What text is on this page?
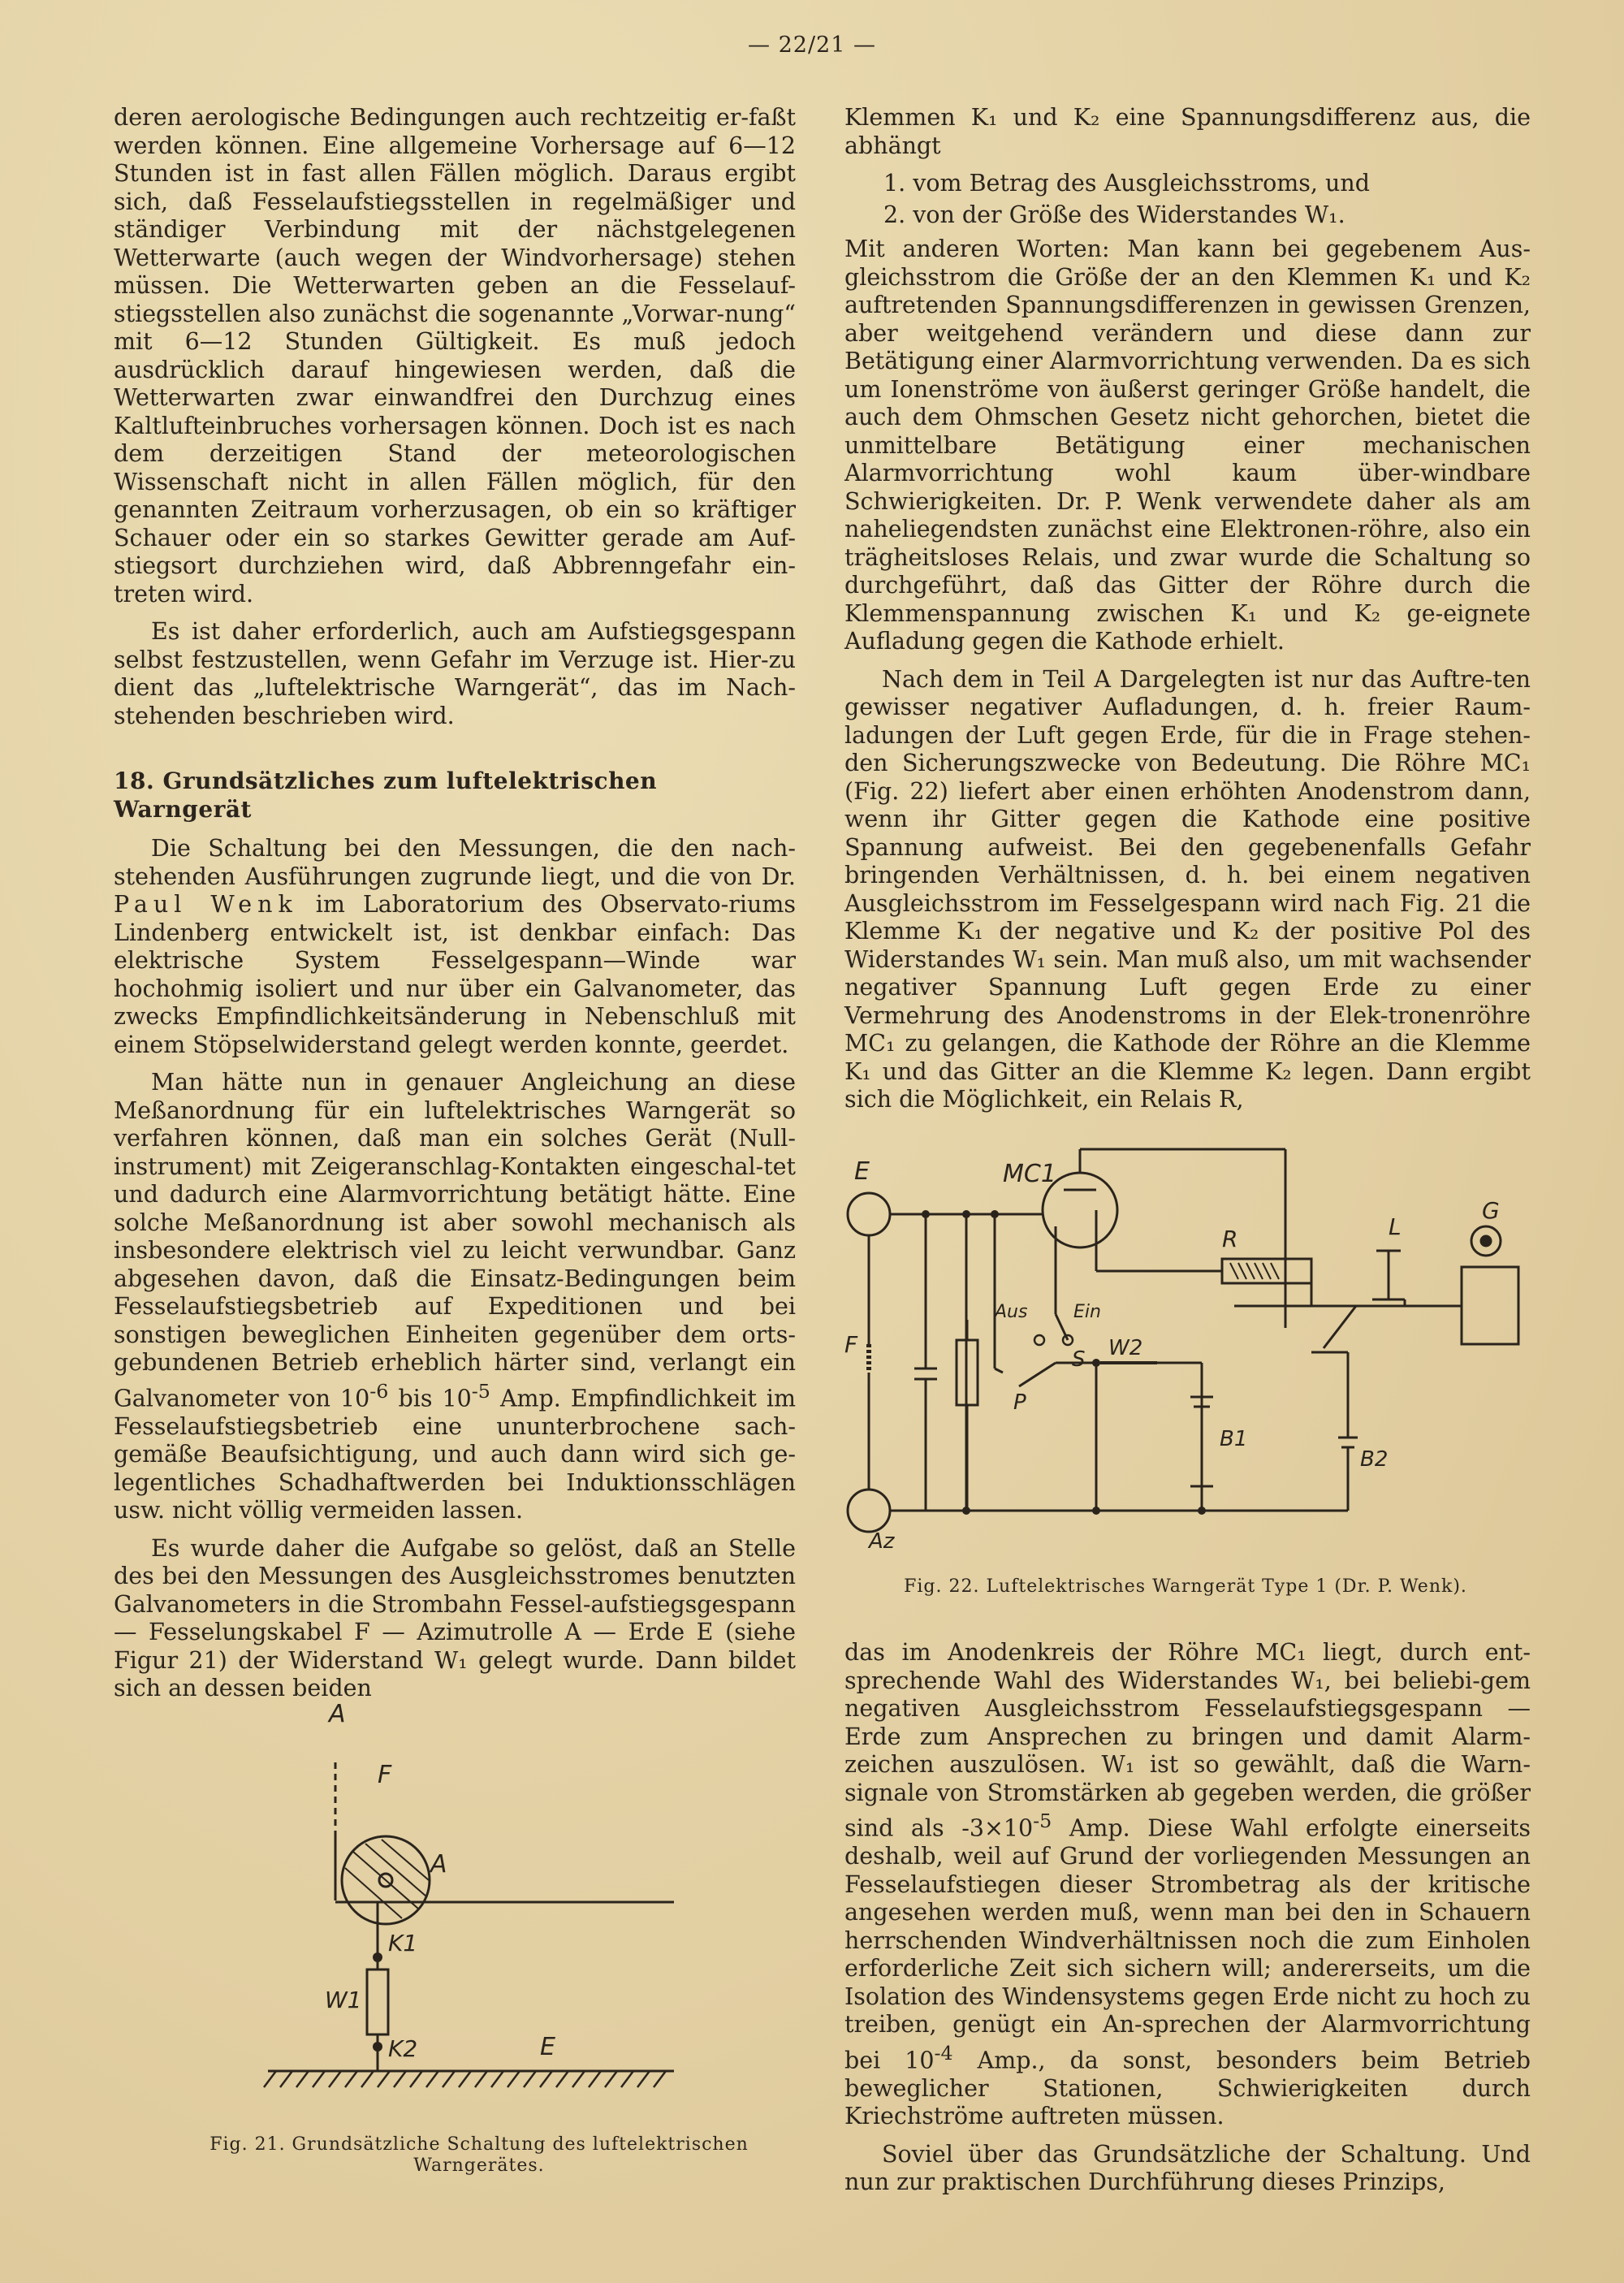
— 22/21 —

deren aerologische Bedingungen auch rechtzeitig er-faßt werden können. Eine allgemeine Vorhersage auf 6—12 Stunden ist in fast allen Fällen möglich. Daraus ergibt sich, daß Fesselaufstiegsstellen in regelmäßiger und ständiger Verbindung mit der nächstgelegenen Wetterwarte (auch wegen der Windvorhersage) stehen müssen. Die Wetterwarten geben an die Fesselauf-stiegsstellen also zunächst die sogenannte „Vorwar-nung“ mit 6—12 Stunden Gültigkeit. Es muß jedoch ausdrücklich darauf hingewiesen werden, daß die Wetterwarten zwar einwandfrei den Durchzug eines Kaltlufteinbruches vorhersagen können. Doch ist es nach dem derzeitigen Stand der meteorologischen Wissenschaft nicht in allen Fällen möglich, für den genannten Zeitraum vorherzusagen, ob ein so kräftiger Schauer oder ein so starkes Gewitter gerade am Auf-stiegsort durchziehen wird, daß Abbrenngefahr ein-treten wird.

Es ist daher erforderlich, auch am Aufstiegsgespann selbst festzustellen, wenn Gefahr im Verzuge ist. Hier-zu dient das „luftelektrische Warngerät“, das im Nach-stehenden beschrieben wird.

18. Grundsätzliches zum luftelektrischen Warngerät

Die Schaltung bei den Messungen, die den nach-stehenden Ausführungen zugrunde liegt, und die von Dr. Paul Wenk im Laboratorium des Observato-riums Lindenberg entwickelt ist, ist denkbar einfach: Das elektrische System Fesselgespann—Winde war hochohmig isoliert und nur über ein Galvanometer, das zwecks Empfindlichkeitsänderung in Nebenschluß mit einem Stöpselwiderstand gelegt werden konnte, geerdet.

Man hätte nun in genauer Angleichung an diese Meßanordnung für ein luftelektrisches Warngerät so verfahren können, daß man ein solches Gerät (Null-instrument) mit Zeigeranschlag-Kontakten eingeschal-tet und dadurch eine Alarmvorrichtung betätigt hätte. Eine solche Meßanordnung ist aber sowohl mechanisch als insbesondere elektrisch viel zu leicht verwundbar. Ganz abgesehen davon, daß die Einsatz-Bedingungen beim Fesselaufstiegsbetrieb auf Expeditionen und bei sonstigen beweglichen Einheiten gegenüber dem orts-gebundenen Betrieb erheblich härter sind, verlangt ein Galvanometer von $10^{-6}$ bis $10^{-5}$ Amp. Empfindlichkeit im Fesselaufstiegsbetrieb eine ununterbrochene sach-gemäße Beaufsichtigung, und auch dann wird sich ge-legentliches Schadhaftwerden bei Induktionsschlägen usw. nicht völlig vermeiden lassen.

Es wurde daher die Aufgabe so gelöst, daß an Stelle des bei den Messungen des Ausgleichsstromes benutzten Galvanometers in die Strombahn Fessel-aufstiegsgespann — Fesselungskabel F — Azimutrolle A — Erde E (siehe Figur 21) der Widerstand W₁ gelegt wurde. Dann bildet sich an dessen beiden

Klemmen K₁ und K₂ eine Spannungsdifferenz aus, die abhängt

1. vom Betrag des Ausgleichsstroms, und
2. von der Größe des Widerstandes W₁.

Mit anderen Worten: Man kann bei gegebenem Aus-gleichsstrom die Größe der an den Klemmen K₁ und K₂ auftretenden Spannungsdifferenzen in gewissen Grenzen, aber weitgehend verändern und diese dann zur Betätigung einer Alarmvorrichtung verwenden. Da es sich um Ionenströme von äußerst geringer Größe handelt, die auch dem Ohmschen Gesetz nicht gehorchen, bietet die unmittelbare Betätigung einer mechanischen Alarmvorrichtung wohl kaum über-windbare Schwierigkeiten. Dr. P. Wenk verwendete daher als am naheliegendsten zunächst eine Elektronen-röhre, also ein trägheitsloses Relais, und zwar wurde die Schaltung so durchgeführt, daß das Gitter der Röhre durch die Klemmenspannung zwischen K₁ und K₂ ge-eignete Aufladung gegen die Kathode erhielt.

Nach dem in Teil A Dargelegten ist nur das Auftre-ten gewisser negativer Aufladungen, d. h. freier Raum-ladungen der Luft gegen Erde, für die in Frage stehen-den Sicherungszwecke von Bedeutung. Die Röhre MC₁ (Fig. 22) liefert aber einen erhöhten Anodenstrom dann, wenn ihr Gitter gegen die Kathode eine positive Spannung aufweist. Bei den gegebenenfalls Gefahr bringenden Verhältnissen, d. h. bei einem negativen Ausgleichsstrom im Fesselgespann wird nach Fig. 21 die Klemme K₁ der negative und K₂ der positive Pol des Widerstandes W₁ sein. Man muß also, um mit wachsender negativer Spannung Luft gegen Erde zu einer Vermehrung des Anodenstroms in der Elek-tronenröhre MC₁ zu gelangen, die Kathode der Röhre an die Klemme K₁ und das Gitter an die Klemme K₂ legen. Dann ergibt sich die Möglichkeit, ein Relais R,

das im Anodenkreis der Röhre MC₁ liegt, durch ent-sprechende Wahl des Widerstandes W₁, bei beliebi-gem negativen Ausgleichsstrom Fesselaufstiegsgespann — Erde zum Ansprechen zu bringen und damit Alarm-zeichen auszulösen. W₁ ist so gewählt, daß die Warn-signale von Stromstärken ab gegeben werden, die größer sind als $-3\times 10^{-5}$ Amp. Diese Wahl erfolgte einerseits deshalb, weil auf Grund der vorliegenden Messungen an Fesselaufstiegen dieser Strombetrag als der kritische angesehen werden muß, wenn man bei den in Schauern herrschenden Windverhältnissen noch die zum Einholen erforderliche Zeit sich sichern will; andererseits, um die Isolation des Windensystems gegen Erde nicht zu hoch zu treiben, genügt ein An-sprechen der Alarmvorrichtung bei $10^{-4}$ Amp., da sonst, besonders beim Betrieb beweglicher Stationen, Schwierigkeiten durch Kriechströme auftreten müssen.

Soviel über das Grundsätzliche der Schaltung. Und nun zur praktischen Durchführung dieses Prinzips,

A
F
A
K1
W1
K2	E
Fig. 21. Grundsätzliche Schaltung des luftelektrischen Warngerätes.
E	MC1
R	L
G
Aus	Ein
S
F	W2
P
B1
B2
Az
Fig. 22. Luftelektrisches Warngerät Type 1 (Dr. P. Wenk).
